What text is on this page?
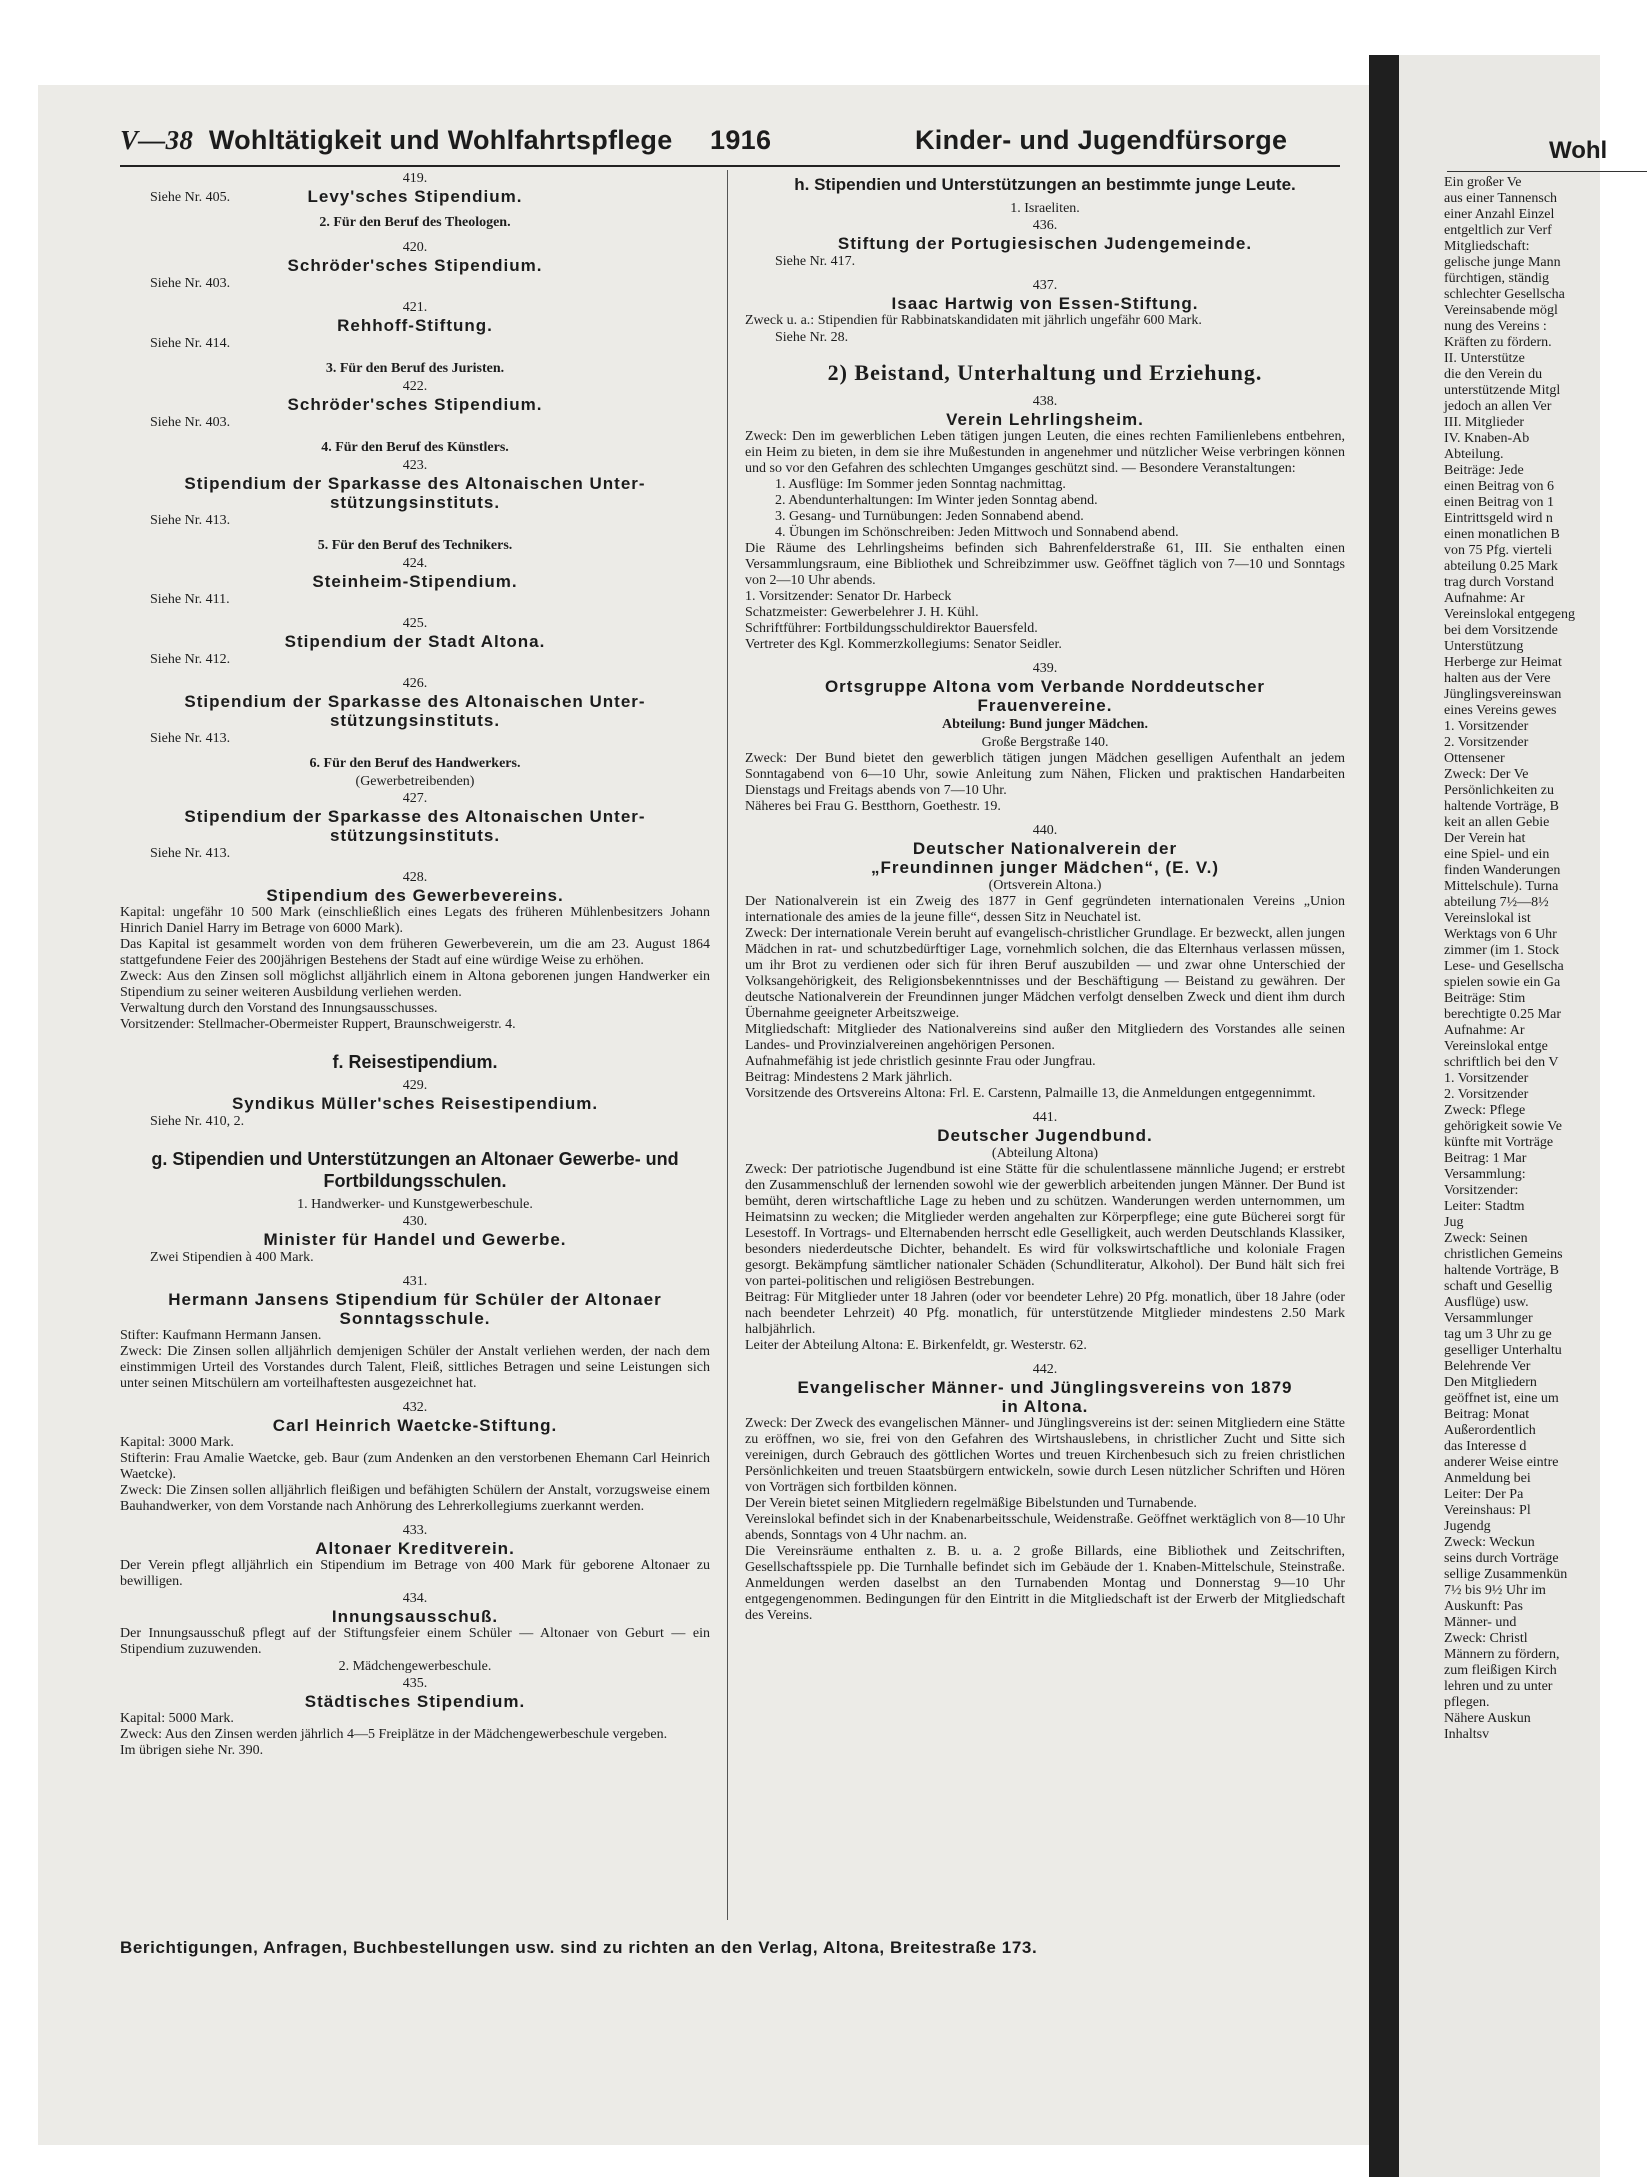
V—38 Wohltätigkeit und Wohlfahrtspflege 1916	Kinder- und Jugendfürsorge

419.

Levy'sches Stipendium.

Siehe Nr. 405.

2. Für den Beruf des Theologen.

420.

Schröder'sches Stipendium.

Siehe Nr. 403.

421.

Rehhoff-Stiftung.

Siehe Nr. 414.

3. Für den Beruf des Juristen.

422.

Schröder'sches Stipendium.

Siehe Nr. 403.

4. Für den Beruf des Künstlers.

423.

Stipendium der Sparkasse des Altonaischen Unter-

stützungsinstituts.

Siehe Nr. 413.

5. Für den Beruf des Technikers.

424.

Steinheim-Stipendium.

Siehe Nr. 411.

425.

Stipendium der Stadt Altona.

Siehe Nr. 412.

426.

Stipendium der Sparkasse des Altonaischen Unter-

stützungsinstituts.

Siehe Nr. 413.

6. Für den Beruf des Handwerkers.

(Gewerbetreibenden)

427.

Stipendium der Sparkasse des Altonaischen Unter-

stützungsinstituts.

Siehe Nr. 413.

428.

Stipendium des Gewerbevereins.

Kapital: ungefähr 10 500 Mark (einschließlich eines Legats des früheren Mühlenbesitzers Johann Hinrich Daniel Harry im Betrage von 6000 Mark).

Das Kapital ist gesammelt worden von dem früheren Gewerbeverein, um die am 23. August 1864 stattgefundene Feier des 200jährigen Bestehens der Stadt auf eine würdige Weise zu erhöhen.

Zweck: Aus den Zinsen soll möglichst alljährlich einem in Altona geborenen jungen Handwerker ein Stipendium zu seiner weiteren Ausbildung verliehen werden.

Verwaltung durch den Vorstand des Innungsausschusses.

Vorsitzender: Stellmacher-Obermeister Ruppert, Braunschweigerstr. 4.

f. Reisestipendium.

429.

Syndikus Müller'sches Reisestipendium.

Siehe Nr. 410, 2.

g. Stipendien und Unterstützungen an Altonaer Gewerbe- und

Fortbildungsschulen.

1. Handwerker- und Kunstgewerbeschule.

430.

Minister für Handel und Gewerbe.

Zwei Stipendien à 400 Mark.

431.

Hermann Jansens Stipendium für Schüler der Altonaer

Sonntagsschule.

Stifter: Kaufmann Hermann Jansen.

Zweck: Die Zinsen sollen alljährlich demjenigen Schüler der Anstalt verliehen werden, der nach dem einstimmigen Urteil des Vorstandes durch Talent, Fleiß, sittliches Betragen und seine Leistungen sich unter seinen Mitschülern am vorteilhaftesten ausgezeichnet hat.

432.

Carl Heinrich Waetcke-Stiftung.

Kapital: 3000 Mark.

Stifterin: Frau Amalie Waetcke, geb. Baur (zum Andenken an den verstorbenen Ehemann Carl Heinrich Waetcke).

Zweck: Die Zinsen sollen alljährlich fleißigen und befähigten Schülern der Anstalt, vorzugsweise einem Bauhandwerker, von dem Vorstande nach Anhörung des Lehrerkollegiums zuerkannt werden.

433.

Altonaer Kreditverein.

Der Verein pflegt alljährlich ein Stipendium im Betrage von 400 Mark für geborene Altonaer zu bewilligen.

434.

Innungsausschuß.

Der Innungsausschuß pflegt auf der Stiftungsfeier einem Schüler — Altonaer von Geburt — ein Stipendium zuzuwenden.

2. Mädchengewerbeschule.

435.

Städtisches Stipendium.

Kapital: 5000 Mark.

Zweck: Aus den Zinsen werden jährlich 4—5 Freiplätze in der Mädchengewerbeschule vergeben.

Im übrigen siehe Nr. 390.

h. Stipendien und Unterstützungen an bestimmte junge Leute.

1. Israeliten.

436.

Stiftung der Portugiesischen Judengemeinde.

Siehe Nr. 417.

437.

Isaac Hartwig von Essen-Stiftung.

Zweck u. a.: Stipendien für Rabbinatskandidaten mit jährlich ungefähr 600 Mark.

Siehe Nr. 28.

2) Beistand, Unterhaltung und Erziehung.

438.

Verein Lehrlingsheim.

Zweck: Den im gewerblichen Leben tätigen jungen Leuten, die eines rechten Familienlebens entbehren, ein Heim zu bieten, in dem sie ihre Mußestunden in angenehmer und nützlicher Weise verbringen können und so vor den Gefahren des schlechten Umganges geschützt sind. — Besondere Veranstaltungen:

1. Ausflüge: Im Sommer jeden Sonntag nachmittag.

2. Abendunterhaltungen: Im Winter jeden Sonntag abend.

3. Gesang- und Turnübungen: Jeden Sonnabend abend.

4. Übungen im Schönschreiben: Jeden Mittwoch und Sonnabend abend.

Die Räume des Lehrlingsheims befinden sich Bahrenfelderstraße 61, III. Sie enthalten einen Versammlungsraum, eine Bibliothek und Schreibzimmer usw. Geöffnet täglich von 7—10 und Sonntags von 2—10 Uhr abends.

1. Vorsitzender: Senator Dr. Harbeck

Schatzmeister: Gewerbelehrer J. H. Kühl.

Schriftführer: Fortbildungsschuldirektor Bauersfeld.

Vertreter des Kgl. Kommerzkollegiums: Senator Seidler.

439.

Ortsgruppe Altona vom Verbande Norddeutscher

Frauenvereine.

Abteilung: Bund junger Mädchen.

Große Bergstraße 140.

Zweck: Der Bund bietet den gewerblich tätigen jungen Mädchen geselligen Aufenthalt an jedem Sonntagabend von 6—10 Uhr, sowie Anleitung zum Nähen, Flicken und praktischen Handarbeiten Dienstags und Freitags abends von 7—10 Uhr.

Näheres bei Frau G. Bestthorn, Goethestr. 19.

440.

Deutscher Nationalverein der

„Freundinnen junger Mädchen“, (E. V.)

(Ortsverein Altona.)

Der Nationalverein ist ein Zweig des 1877 in Genf gegründeten internationalen Vereins „Union internationale des amies de la jeune fille“, dessen Sitz in Neuchatel ist.

Zweck: Der internationale Verein beruht auf evangelisch-christlicher Grundlage. Er bezweckt, allen jungen Mädchen in rat- und schutzbedürftiger Lage, vornehmlich solchen, die das Elternhaus verlassen müssen, um ihr Brot zu verdienen oder sich für ihren Beruf auszubilden — und zwar ohne Unterschied der Volksangehörigkeit, des Religionsbekenntnisses und der Beschäftigung — Beistand zu gewähren. Der deutsche Nationalverein der Freundinnen junger Mädchen verfolgt denselben Zweck und dient ihm durch Übernahme geeigneter Arbeitszweige.

Mitgliedschaft: Mitglieder des Nationalvereins sind außer den Mitgliedern des Vorstandes alle seinen Landes- und Provinzialvereinen angehörigen Personen.

Aufnahmefähig ist jede christlich gesinnte Frau oder Jungfrau.

Beitrag: Mindestens 2 Mark jährlich.

Vorsitzende des Ortsvereins Altona: Frl. E. Carstenn, Palmaille 13, die Anmeldungen entgegennimmt.

441.

Deutscher Jugendbund.

(Abteilung Altona)

Zweck: Der patriotische Jugendbund ist eine Stätte für die schulentlassene männliche Jugend; er erstrebt den Zusammenschluß der lernenden sowohl wie der gewerblich arbeitenden jungen Männer. Der Bund ist bemüht, deren wirtschaftliche Lage zu heben und zu schützen. Wanderungen werden unternommen, um Heimatsinn zu wecken; die Mitglieder werden angehalten zur Körperpflege; eine gute Bücherei sorgt für Lesestoff. In Vortrags- und Elternabenden herrscht edle Geselligkeit, auch werden Deutschlands Klassiker, besonders niederdeutsche Dichter, behandelt. Es wird für volkswirtschaftliche und koloniale Fragen gesorgt. Bekämpfung sämtlicher nationaler Schäden (Schundliteratur, Alkohol). Der Bund hält sich frei von partei-politischen und religiösen Bestrebungen.

Beitrag: Für Mitglieder unter 18 Jahren (oder vor beendeter Lehre) 20 Pfg. monatlich, über 18 Jahre (oder nach beendeter Lehrzeit) 40 Pfg. monatlich, für unterstützende Mitglieder mindestens 2.50 Mark halbjährlich.

Leiter der Abteilung Altona: E. Birkenfeldt, gr. Westerstr. 62.

442.

Evangelischer Männer- und Jünglingsvereins von 1879

in Altona.

Zweck: Der Zweck des evangelischen Männer- und Jünglingsvereins ist der: seinen Mitgliedern eine Stätte zu eröffnen, wo sie, frei von den Gefahren des Wirtshauslebens, in christlicher Zucht und Sitte sich vereinigen, durch Gebrauch des göttlichen Wortes und treuen Kirchenbesuch sich zu freien christlichen Persönlichkeiten und treuen Staatsbürgern entwickeln, sowie durch Lesen nützlicher Schriften und Hören von Vorträgen sich fortbilden können.

Der Verein bietet seinen Mitgliedern regelmäßige Bibelstunden und Turnabende.

Vereinslokal befindet sich in der Knabenarbeitsschule, Weidenstraße. Geöffnet werktäglich von 8—10 Uhr abends, Sonntags von 4 Uhr nachm. an.

Die Vereinsräume enthalten z. B. u. a. 2 große Billards, eine Bibliothek und Zeitschriften, Gesellschaftsspiele pp. Die Turnhalle befindet sich im Gebäude der 1. Knaben-Mittelschule, Steinstraße. Anmeldungen werden daselbst an den Turnabenden Montag und Donnerstag 9—10 Uhr entgegengenommen. Bedingungen für den Eintritt in die Mitgliedschaft ist der Erwerb der Mitgliedschaft des Vereins.

Berichtigungen, Anfragen, Buchbestellungen usw. sind zu richten an den Verlag, Altona, Breitestraße 173.
Wohl

Ein großer Ve

aus einer Tannensch

einer Anzahl Einzel

entgeltlich zur Verf

Mitgliedschaft:

gelische junge Mann

fürchtigen, ständig

schlechter Gesellscha

Vereinsabende mögl

nung des Vereins :

Kräften zu fördern.

II. Unterstütze

die den Verein du

unterstützende Mitgl

jedoch an allen Ver

III. Mitglieder

IV. Knaben-Ab

Abteilung.

Beiträge: Jede

einen Beitrag von 6

einen Beitrag von 1

Eintrittsgeld wird n

einen monatlichen B

von 75 Pfg. vierteli

abteilung 0.25 Mark

trag durch Vorstand

Aufnahme: Ar

Vereinslokal entgegeng

bei dem Vorsitzende

Unterstützung

Herberge zur Heimat

halten aus der Vere

Jünglingsvereinswan

eines Vereins gewes

1. Vorsitzender

2. Vorsitzender

Ottensener

Zweck: Der Ve

Persönlichkeiten zu

haltende Vorträge, B

keit an allen Gebie

Der Verein hat

eine Spiel- und ein

finden Wanderungen

Mittelschule). Turna

abteilung 7½—8½

Vereinslokal ist

Werktags von 6 Uhr

zimmer (im 1. Stock

Lese- und Gesellscha

spielen sowie ein Ga

Beiträge: Stim

berechtigte 0.25 Mar

Aufnahme: Ar

Vereinslokal entge

schriftlich bei den V

1. Vorsitzender

2. Vorsitzender

Zweck: Pflege

gehörigkeit sowie Ve

künfte mit Vorträge

Beitrag: 1 Mar

Versammlung:

Vorsitzender:

Leiter: Stadtm

Jug

Zweck: Seinen

christlichen Gemeins

haltende Vorträge, B

schaft und Gesellig

Ausflüge) usw.

Versammlunger

tag um 3 Uhr zu ge

geselliger Unterhaltu

Belehrende Ver

Den Mitgliedern

geöffnet ist, eine um

Beitrag: Monat

Außerordentlich

das Interesse d

anderer Weise eintre

Anmeldung bei

Leiter: Der Pa

Vereinshaus: Pl

Jugendg

Zweck: Weckun

seins durch Vorträge

sellige Zusammenkün

7½ bis 9½ Uhr im

Auskunft: Pas

Männer- und

Zweck: Christl

Männern zu fördern,

zum fleißigen Kirch

lehren und zu unter

pflegen.

Nähere Auskun

Inhaltsv
